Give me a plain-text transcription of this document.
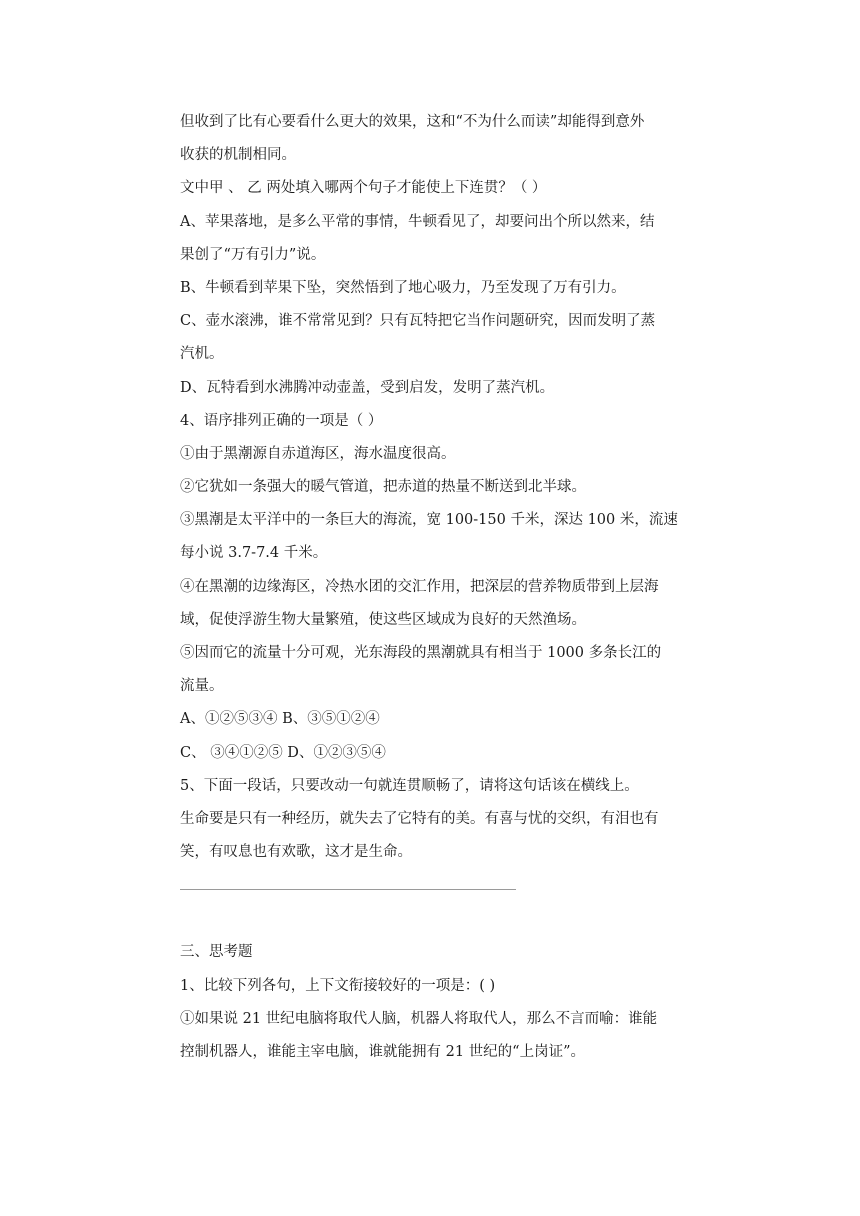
但收到了比有心要看什么更大的效果，这和“不为什么而读”却能得到意外
收获的机制相同。
文中甲 、 乙 两处填入哪两个句子才能使上下连贯？（ ）
A、苹果落地，是多么平常的事情，牛顿看见了，却要问出个所以然来，结
果创了“万有引力”说。
B、牛顿看到苹果下坠，突然悟到了地心吸力，乃至发现了万有引力。
C、壶水滚沸，谁不常常见到？只有瓦特把它当作问题研究，因而发明了蒸
汽机。
D、瓦特看到水沸腾冲动壶盖，受到启发，发明了蒸汽机。
4、语序排列正确的一项是（ ）
①由于黑潮源自赤道海区，海水温度很高。
②它犹如一条强大的暖气管道，把赤道的热量不断送到北半球。
③黑潮是太平洋中的一条巨大的海流，宽 100-150 千米，深达 100 米，流速
每小说 3.7-7.4 千米。
④在黑潮的边缘海区，冷热水团的交汇作用，把深层的营养物质带到上层海
域，促使浮游生物大量繁殖，使这些区域成为良好的天然渔场。
⑤因而它的流量十分可观，光东海段的黑潮就具有相当于 1000 多条长江的
流量。
A、①②⑤③④ B、③⑤①②④
C、 ③④①②⑤ D、①②③⑤④
5、下面一段话，只要改动一句就连贯顺畅了，请将这句话该在横线上。
生命要是只有一种经历，就失去了它特有的美。有喜与忧的交织，有泪也有
笑，有叹息也有欢歌，这才是生命。
三、思考题
1、比较下列各句，上下文衔接较好的一项是：( )
①如果说 21 世纪电脑将取代人脑，机器人将取代人，那么不言而喻：谁能
控制机器人，谁能主宰电脑，谁就能拥有 21 世纪的“上岗证”。
